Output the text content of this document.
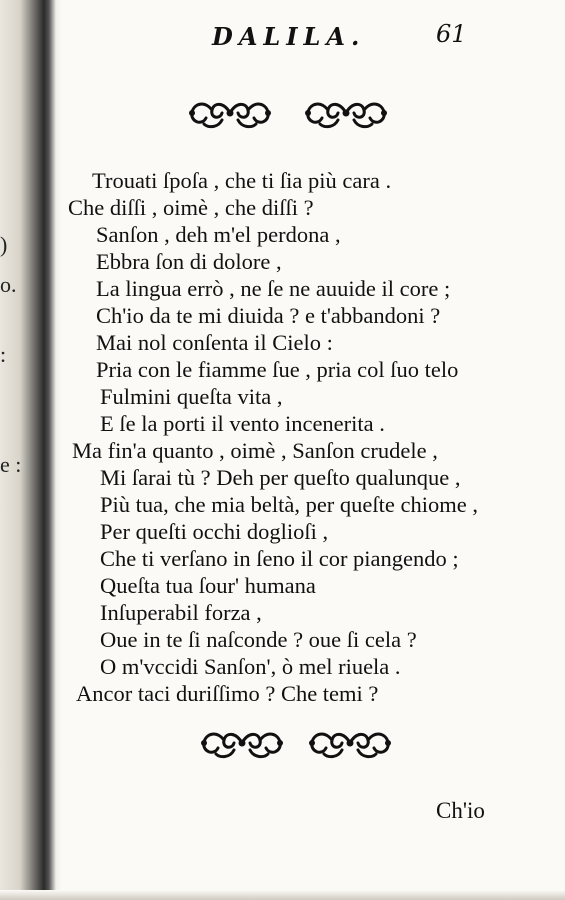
)
o.
:
e :
DALILA.	61
Trouati ſpoſa , che ti ſia più cara .
Che diſſi , oimè , che diſſi ?
Sanſon , deh m'el perdona ,
Ebbra ſon di dolore ,
La lingua errò , ne ſe ne auuide il core ;
Ch'io da te mi diuida ? e t'abbandoni ?
Mai nol conſenta il Cielo :
Pria con le fiamme ſue , pria col ſuo telo
Fulmini queſta vita ,
E ſe la porti il vento incenerita .
Ma fin'a quanto , oimè , Sanſon crudele ,
Mi ſarai tù ? Deh per queſto qualunque ,
Più tua, che mia beltà, per queſte chiome ,
Per queſti occhi doglioſi ,
Che ti verſano in ſeno il cor piangendo ;
Queſta tua ſour' humana
Inſuperabil forza ,
Oue in te ſi naſconde ? oue ſi cela ?
O m'vccidi Sanſon', ò mel riuela .
Ancor taci duriſſimo ? Che temi ?
Ch'io
